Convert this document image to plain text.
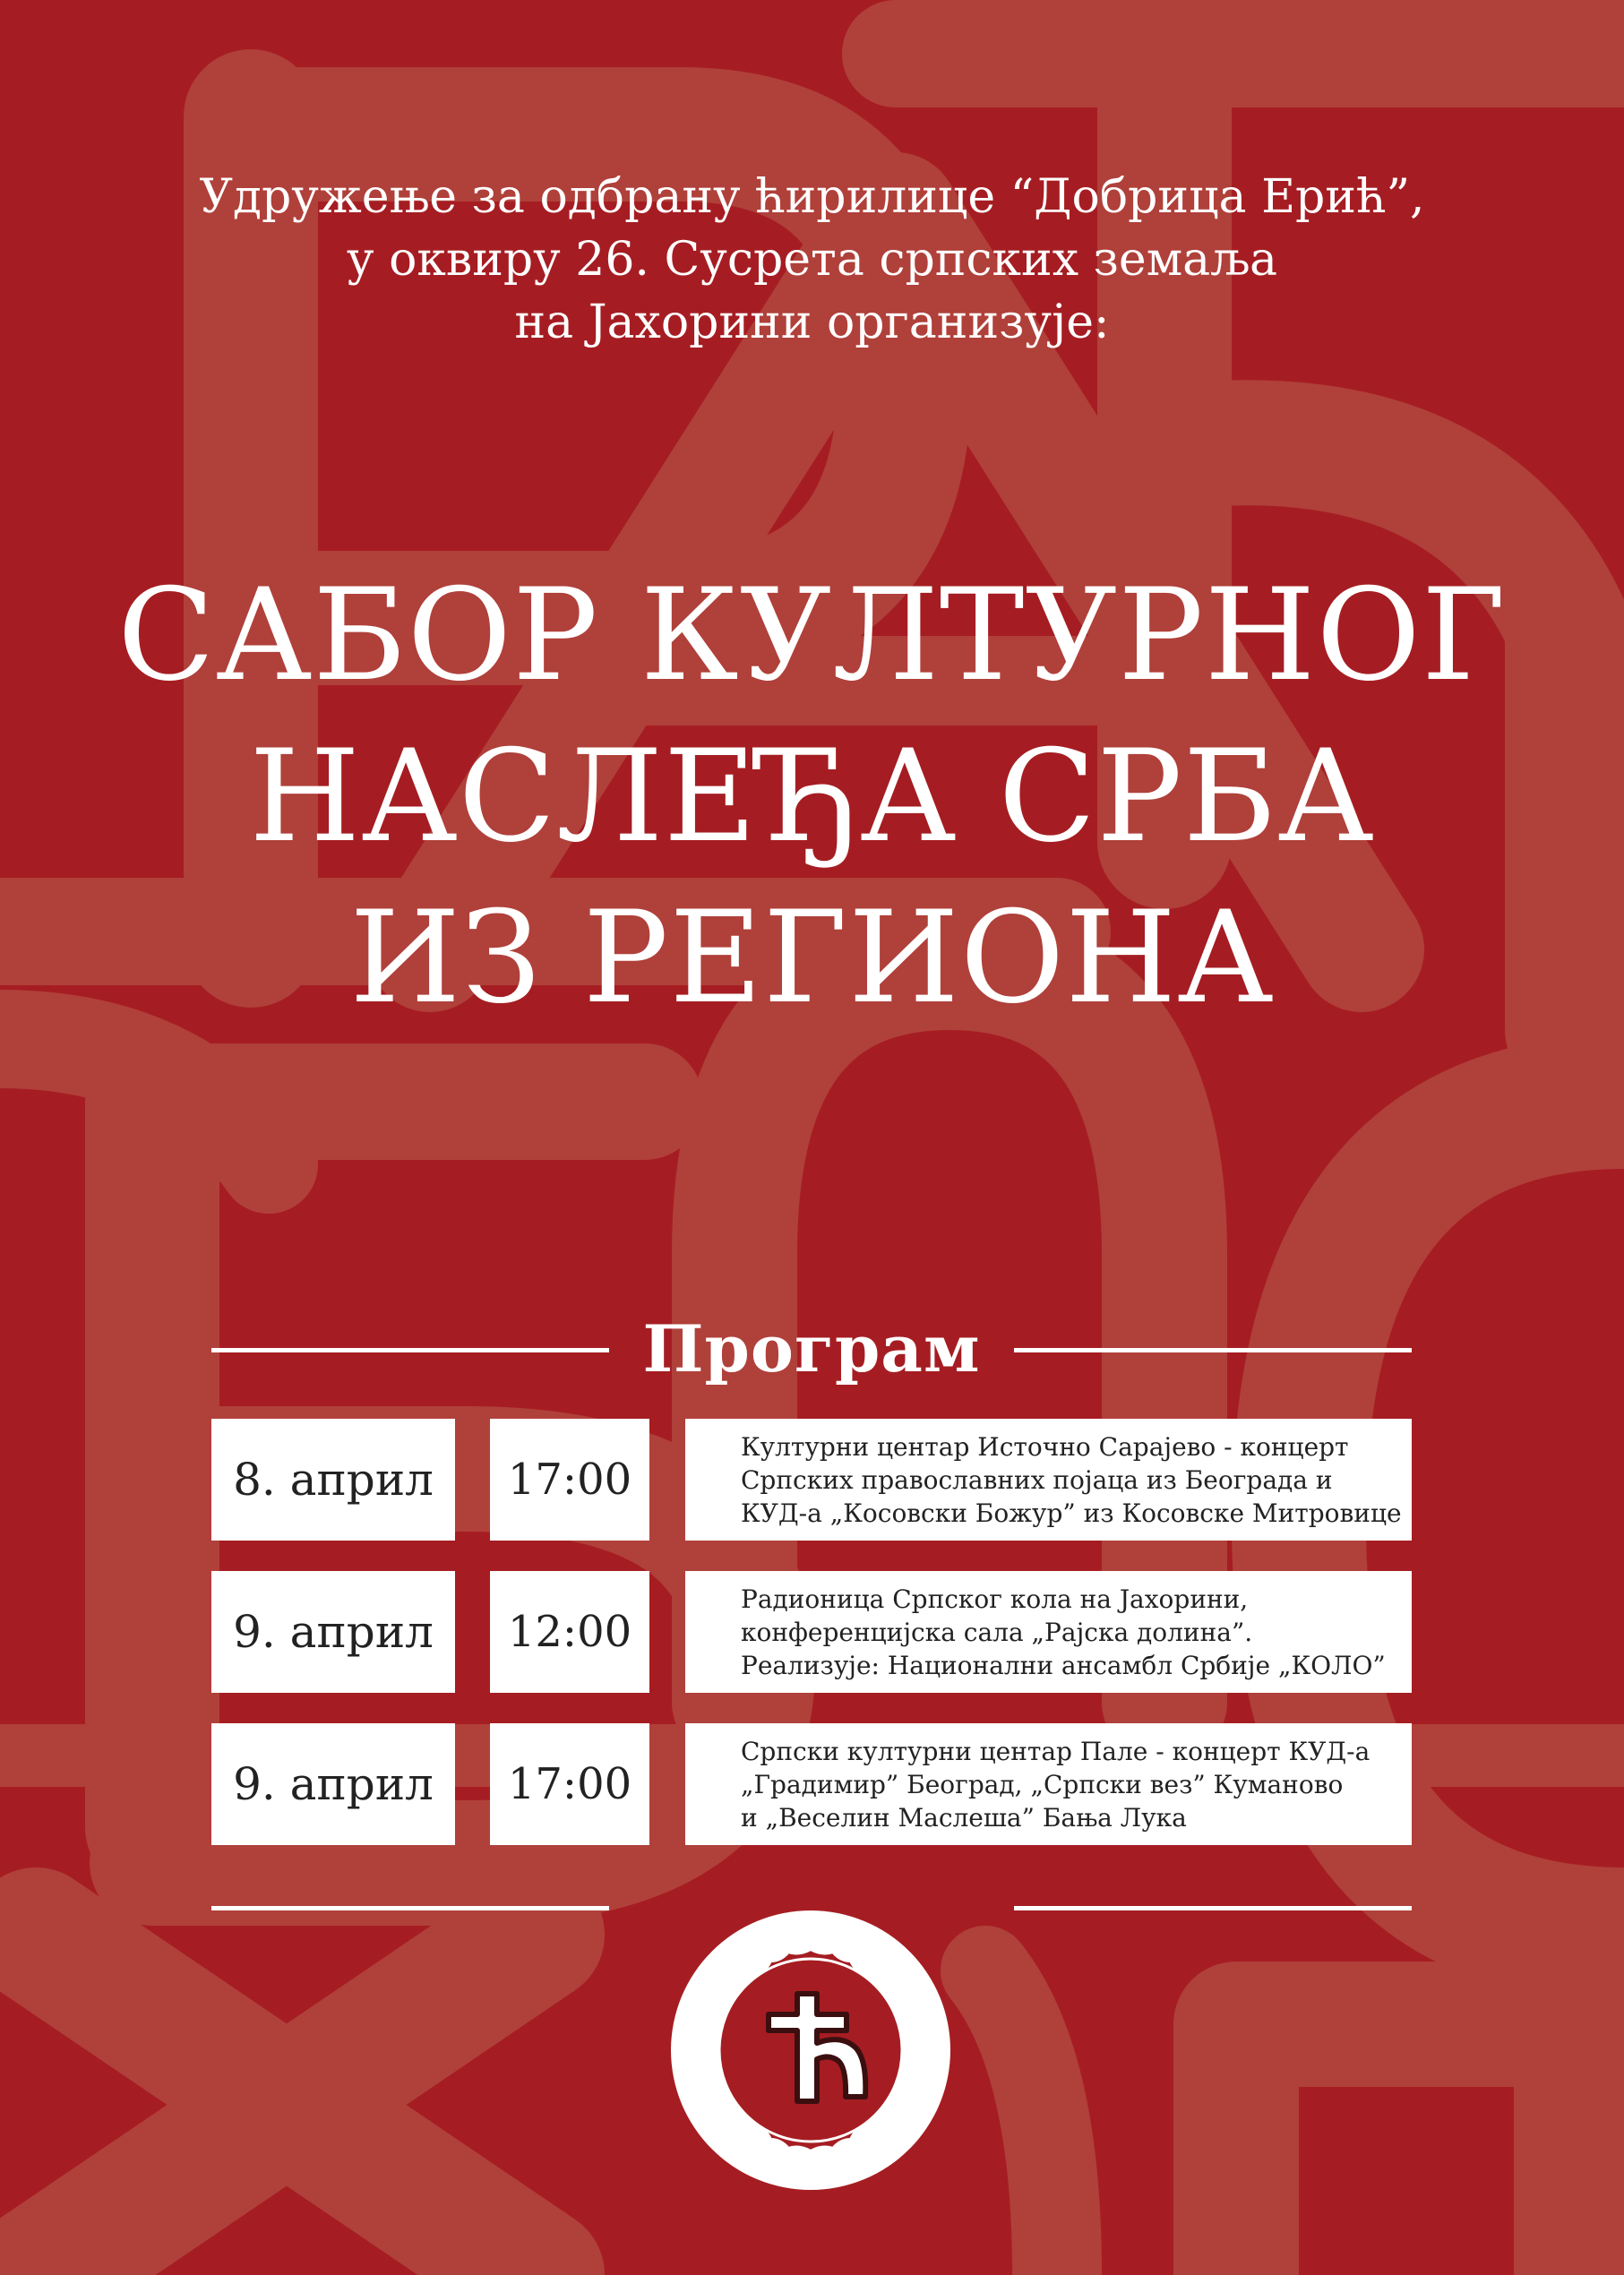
Удружење за одбрану ћирилице “Добрица Ерић”,
у оквиру 26. Сусрета српских земаља
на Јахорини организује:
САБОР КУЛТУРНОГ
НАСЛЕЂА СРБА
ИЗ РЕГИОНА
Програм
8. април	17:00
Културни центар Источно Сарајево - концерт
Српских православних појаца из Београда и
КУД-а „Косовски Божур” из Косовске Митровице
9. април	12:00
Радионица Српског кола на Јахорини,
конференцијска сала „Рајска долина”.
Реализује: Национални ансамбл Србије „КОЛО”
9. април	17:00
Српски културни центар Пале - концерт КУД-а
„Градимир” Београд, „Српски вез” Куманово
и „Веселин Маслеша” Бања Лука
